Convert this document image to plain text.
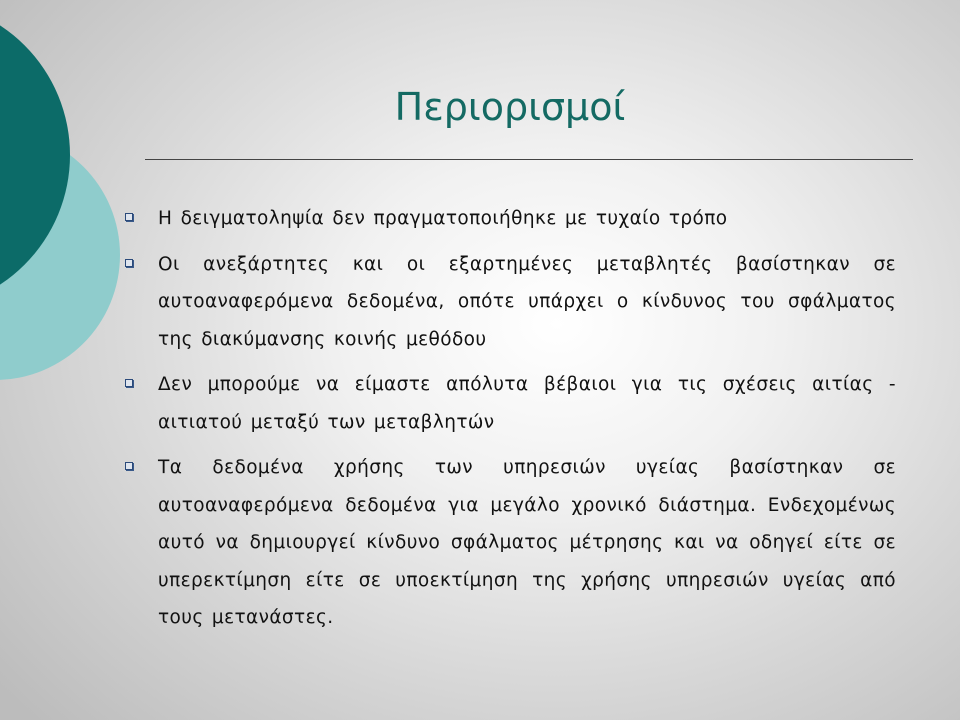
Περιορισμοί
Η δειγματοληψία δεν πραγματοποιήθηκε με τυχαίο τρόπο
Οι ανεξάρτητες και οι εξαρτημένες μεταβλητές βασίστηκαν σε αυτοαναφερόμενα δεδομένα, οπότε υπάρχει ο κίνδυνος του σφάλματος της διακύμανσης κοινής μεθόδου
Δεν μπορούμε να είμαστε απόλυτα βέβαιοι για τις σχέσεις αιτίας - αιτιατού μεταξύ των μεταβλητών
Τα δεδομένα χρήσης των υπηρεσιών υγείας βασίστηκαν σε αυτοαναφερόμενα δεδομένα για μεγάλο χρονικό διάστημα. Ενδεχομένως αυτό να δημιουργεί κίνδυνο σφάλματος μέτρησης και να οδηγεί είτε σε υπερεκτίμηση είτε σε υποεκτίμηση της χρήσης υπηρεσιών υγείας από τους μετανάστες.
